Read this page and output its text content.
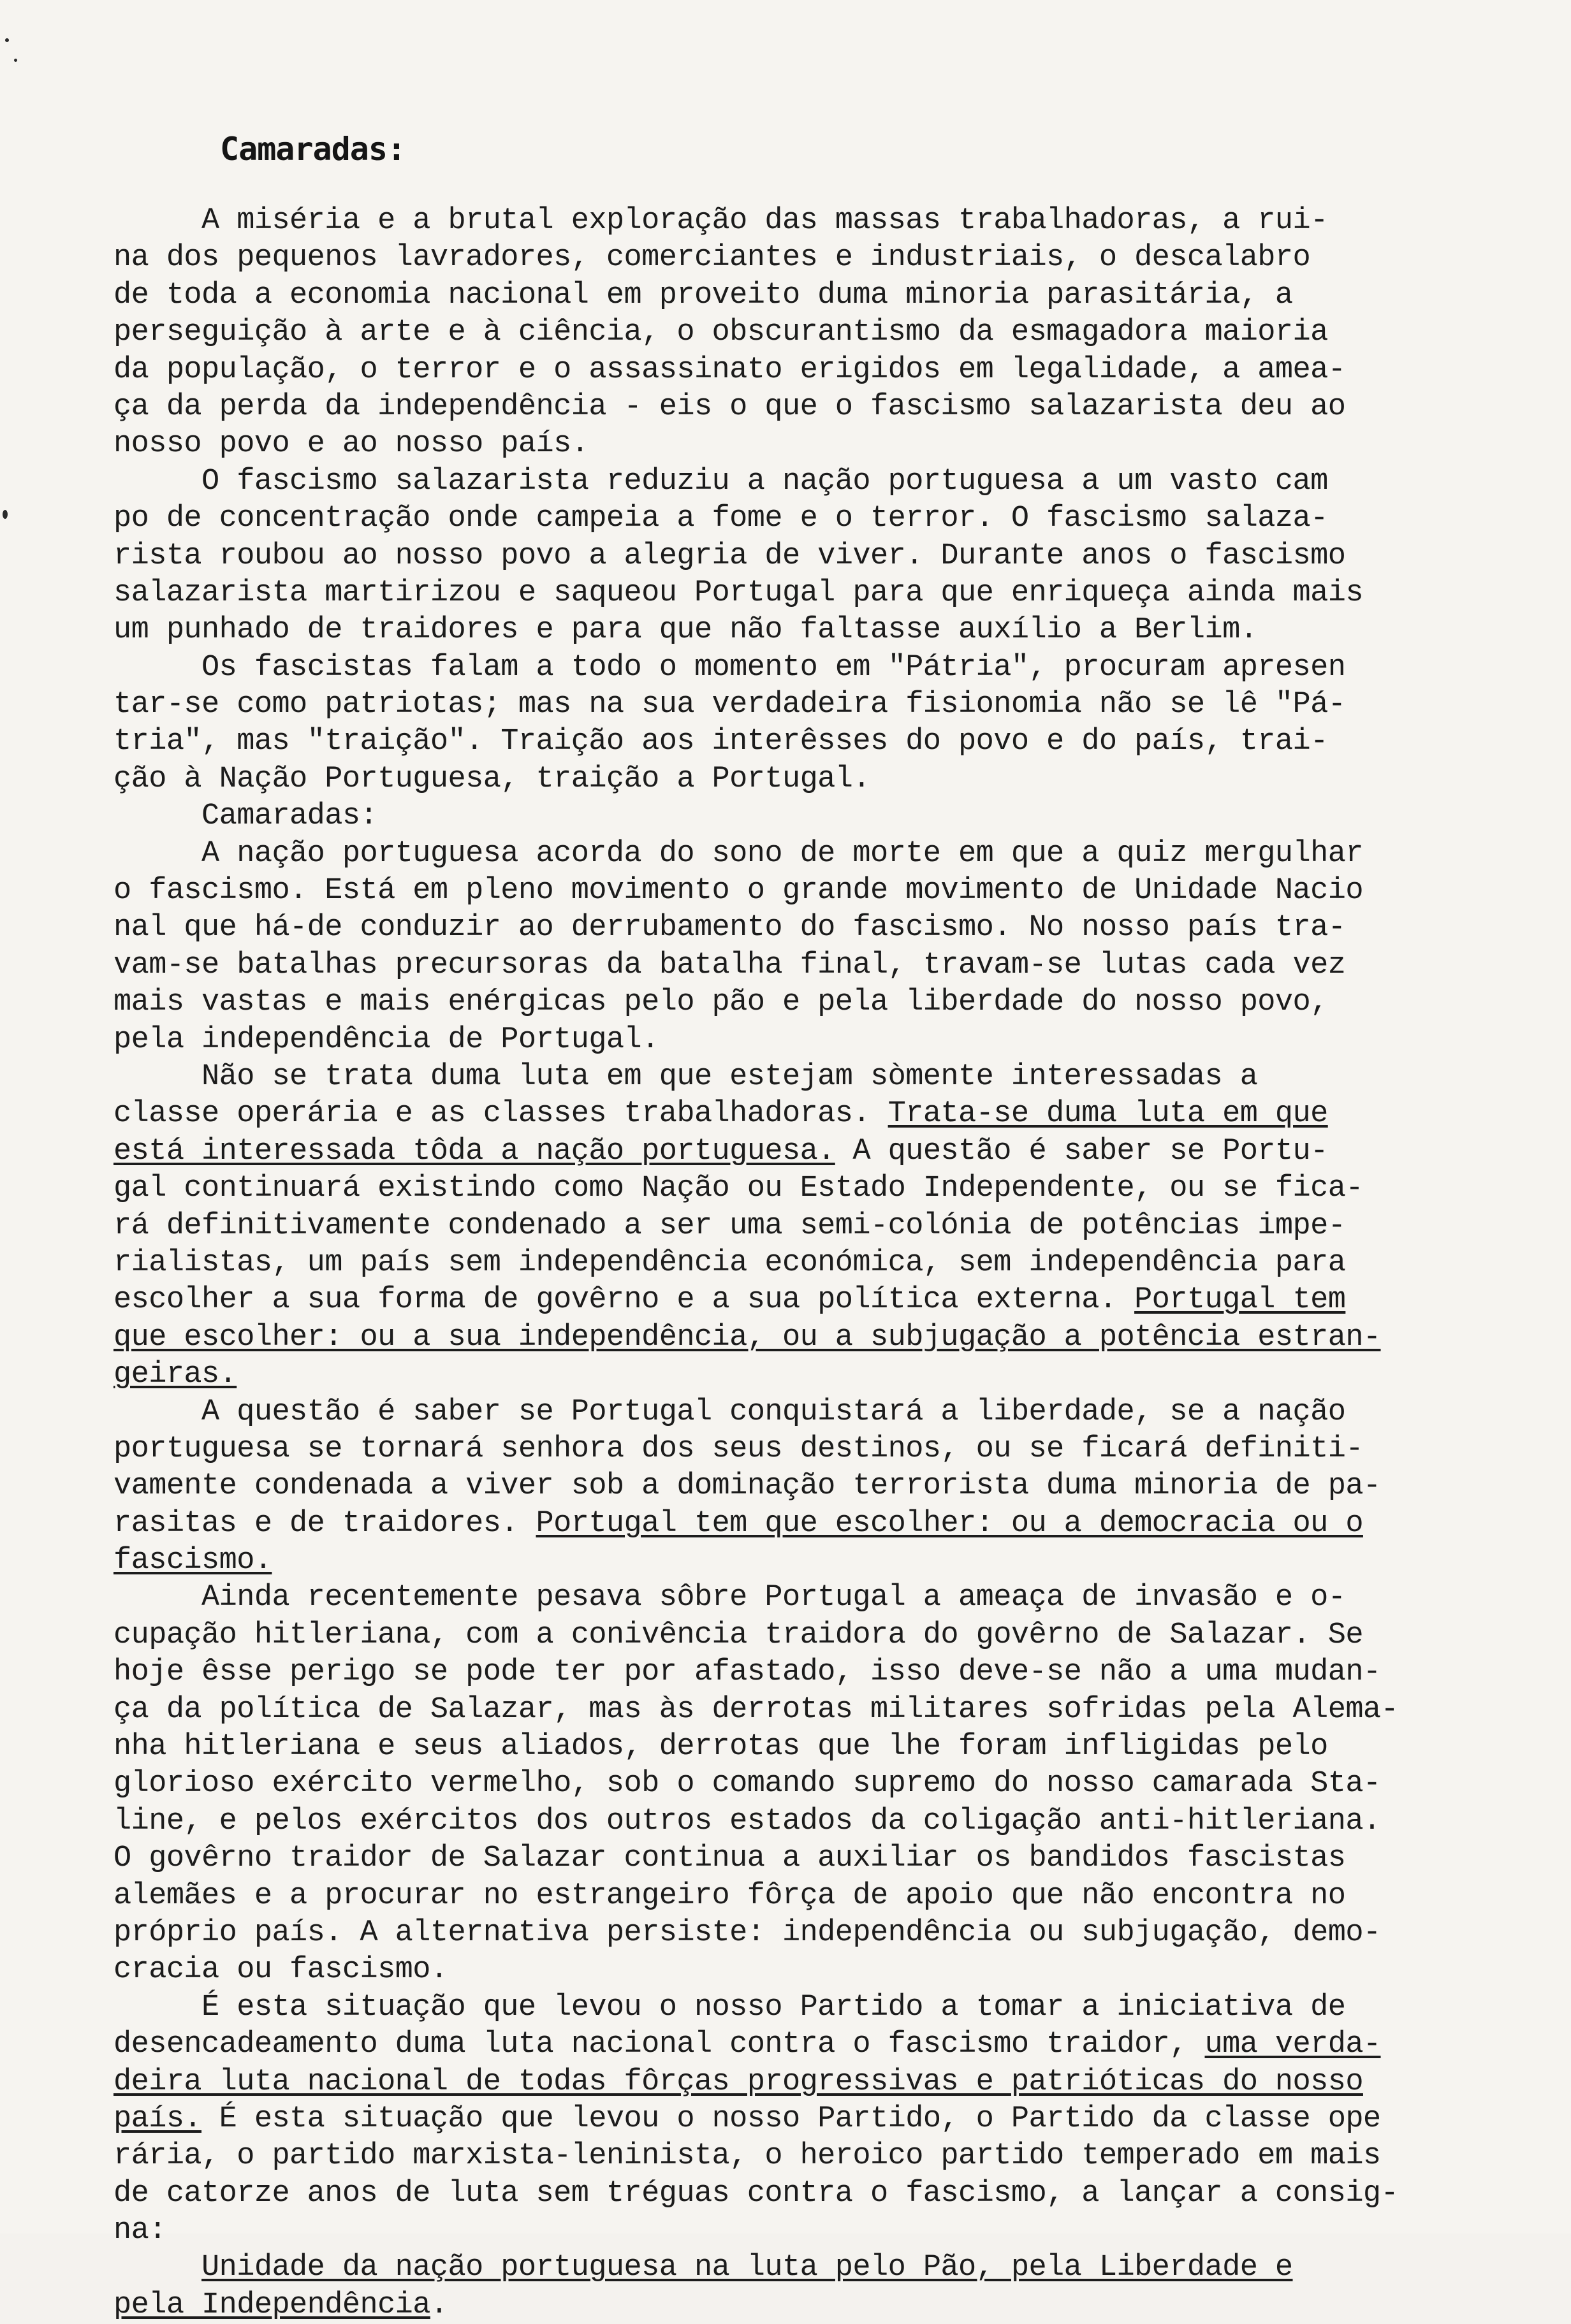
Camaradas:
A miséria e a brutal exploração das massas trabalhadoras, a rui-
na dos pequenos lavradores, comerciantes e industriais, o descalabro
de toda a economia nacional em proveito duma minoria parasitária, a
perseguição à arte e à ciência, o obscurantismo da esmagadora maioria
da população, o terror e o assassinato erigidos em legalidade, a amea-
ça da perda da independência - eis o que o fascismo salazarista deu ao
nosso povo e ao nosso país.
O fascismo salazarista reduziu a nação portuguesa a um vasto cam
po de concentração onde campeia a fome e o terror. O fascismo salaza-
rista roubou ao nosso povo a alegria de viver. Durante anos o fascismo
salazarista martirizou e saqueou Portugal para que enriqueça ainda mais
um punhado de traidores e para que não faltasse auxílio a Berlim.
Os fascistas falam a todo o momento em "Pátria", procuram apresen
tar-se como patriotas; mas na sua verdadeira fisionomia não se lê "Pá-
tria", mas "traição". Traição aos interêsses do povo e do país, trai-
ção à Nação Portuguesa, traição a Portugal.
Camaradas:
A nação portuguesa acorda do sono de morte em que a quiz mergulhar
o fascismo. Está em pleno movimento o grande movimento de Unidade Nacio
nal que há-de conduzir ao derrubamento do fascismo. No nosso país tra-
vam-se batalhas precursoras da batalha final, travam-se lutas cada vez
mais vastas e mais enérgicas pelo pão e pela liberdade do nosso povo,
pela independência de Portugal.
Não se trata duma luta em que estejam sòmente interessadas a
classe operária e as classes trabalhadoras. Trata-se duma luta em que
está interessada tôda a nação portuguesa. A questão é saber se Portu-
gal continuará existindo como Nação ou Estado Independente, ou se fica-
rá definitivamente condenado a ser uma semi-colónia de potências impe-
rialistas, um país sem independência económica, sem independência para
escolher a sua forma de govêrno e a sua política externa. Portugal tem
que escolher: ou a sua independência, ou a subjugação a potência estran-
geiras.
A questão é saber se Portugal conquistará a liberdade, se a nação
portuguesa se tornará senhora dos seus destinos, ou se ficará definiti-
vamente condenada a viver sob a dominação terrorista duma minoria de pa-
rasitas e de traidores. Portugal tem que escolher: ou a democracia ou o
fascismo.
Ainda recentemente pesava sôbre Portugal a ameaça de invasão e o-
cupação hitleriana, com a conivência traidora do govêrno de Salazar. Se
hoje êsse perigo se pode ter por afastado, isso deve-se não a uma mudan-
ça da política de Salazar, mas às derrotas militares sofridas pela Alema-
nha hitleriana e seus aliados, derrotas que lhe foram infligidas pelo
glorioso exército vermelho, sob o comando supremo do nosso camarada Sta-
line, e pelos exércitos dos outros estados da coligação anti-hitleriana.
O govêrno traidor de Salazar continua a auxiliar os bandidos fascistas
alemães e a procurar no estrangeiro fôrça de apoio que não encontra no
próprio país. A alternativa persiste: independência ou subjugação, demo-
cracia ou fascismo.
É esta situação que levou o nosso Partido a tomar a iniciativa de
desencadeamento duma luta nacional contra o fascismo traidor, uma verda-
deira luta nacional de todas fôrças progressivas e patrióticas do nosso
país. É esta situação que levou o nosso Partido, o Partido da classe ope
rária, o partido marxista-leninista, o heroico partido temperado em mais
de catorze anos de luta sem tréguas contra o fascismo, a lançar a consig-
na:
Unidade da nação portuguesa na luta pelo Pão, pela Liberdade e
pela Independência.
